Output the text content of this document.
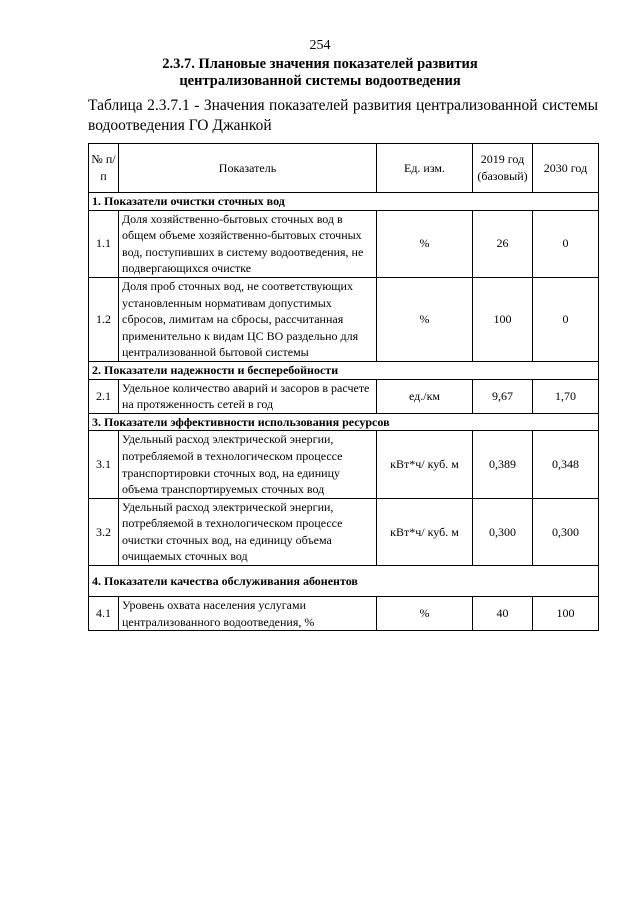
254
2.3.7. Плановые значения показателей развития централизованной системы водоотведения
Таблица 2.3.7.1 - Значения показателей развития централизованной системы водоотведения ГО Джанкой
№ п/п	Показатель	Ед. изм.	2019 год (базовый)	2030 год
1. Показатели очистки сточных вод				
1.1	Доля хозяйственно-бытовых сточных вод в общем объеме хозяйственно-бытовых сточных вод, поступивших в систему водоотведения, не подвергающихся очистке	%	26	0
1.2	Доля проб сточных вод, не соответствующих установленным нормативам допустимых сбросов, лимитам на сбросы, рассчитанная применительно к видам ЦС ВО раздельно для централизованной бытовой системы	%	100	0
2. Показатели надежности и бесперебойности				
2.1	Удельное количество аварий и засоров в расчете на протяженность сетей в год	ед./км	9,67	1,70
3. Показатели эффективности использования ресурсов				
3.1	Удельный расход электрической энергии, потребляемой в технологическом процессе транспортировки сточных вод, на единицу объема транспортируемых сточных вод	кВт*ч/ куб. м	0,389	0,348
3.2	Удельный расход электрической энергии, потребляемой в технологическом процессе очистки сточных вод, на единицу объема очищаемых сточных вод	кВт*ч/ куб. м	0,300	0,300
4. Показатели качества обслуживания абонентов				
4.1	Уровень охвата населения услугами централизованного водоотведения, %	%	40	100
